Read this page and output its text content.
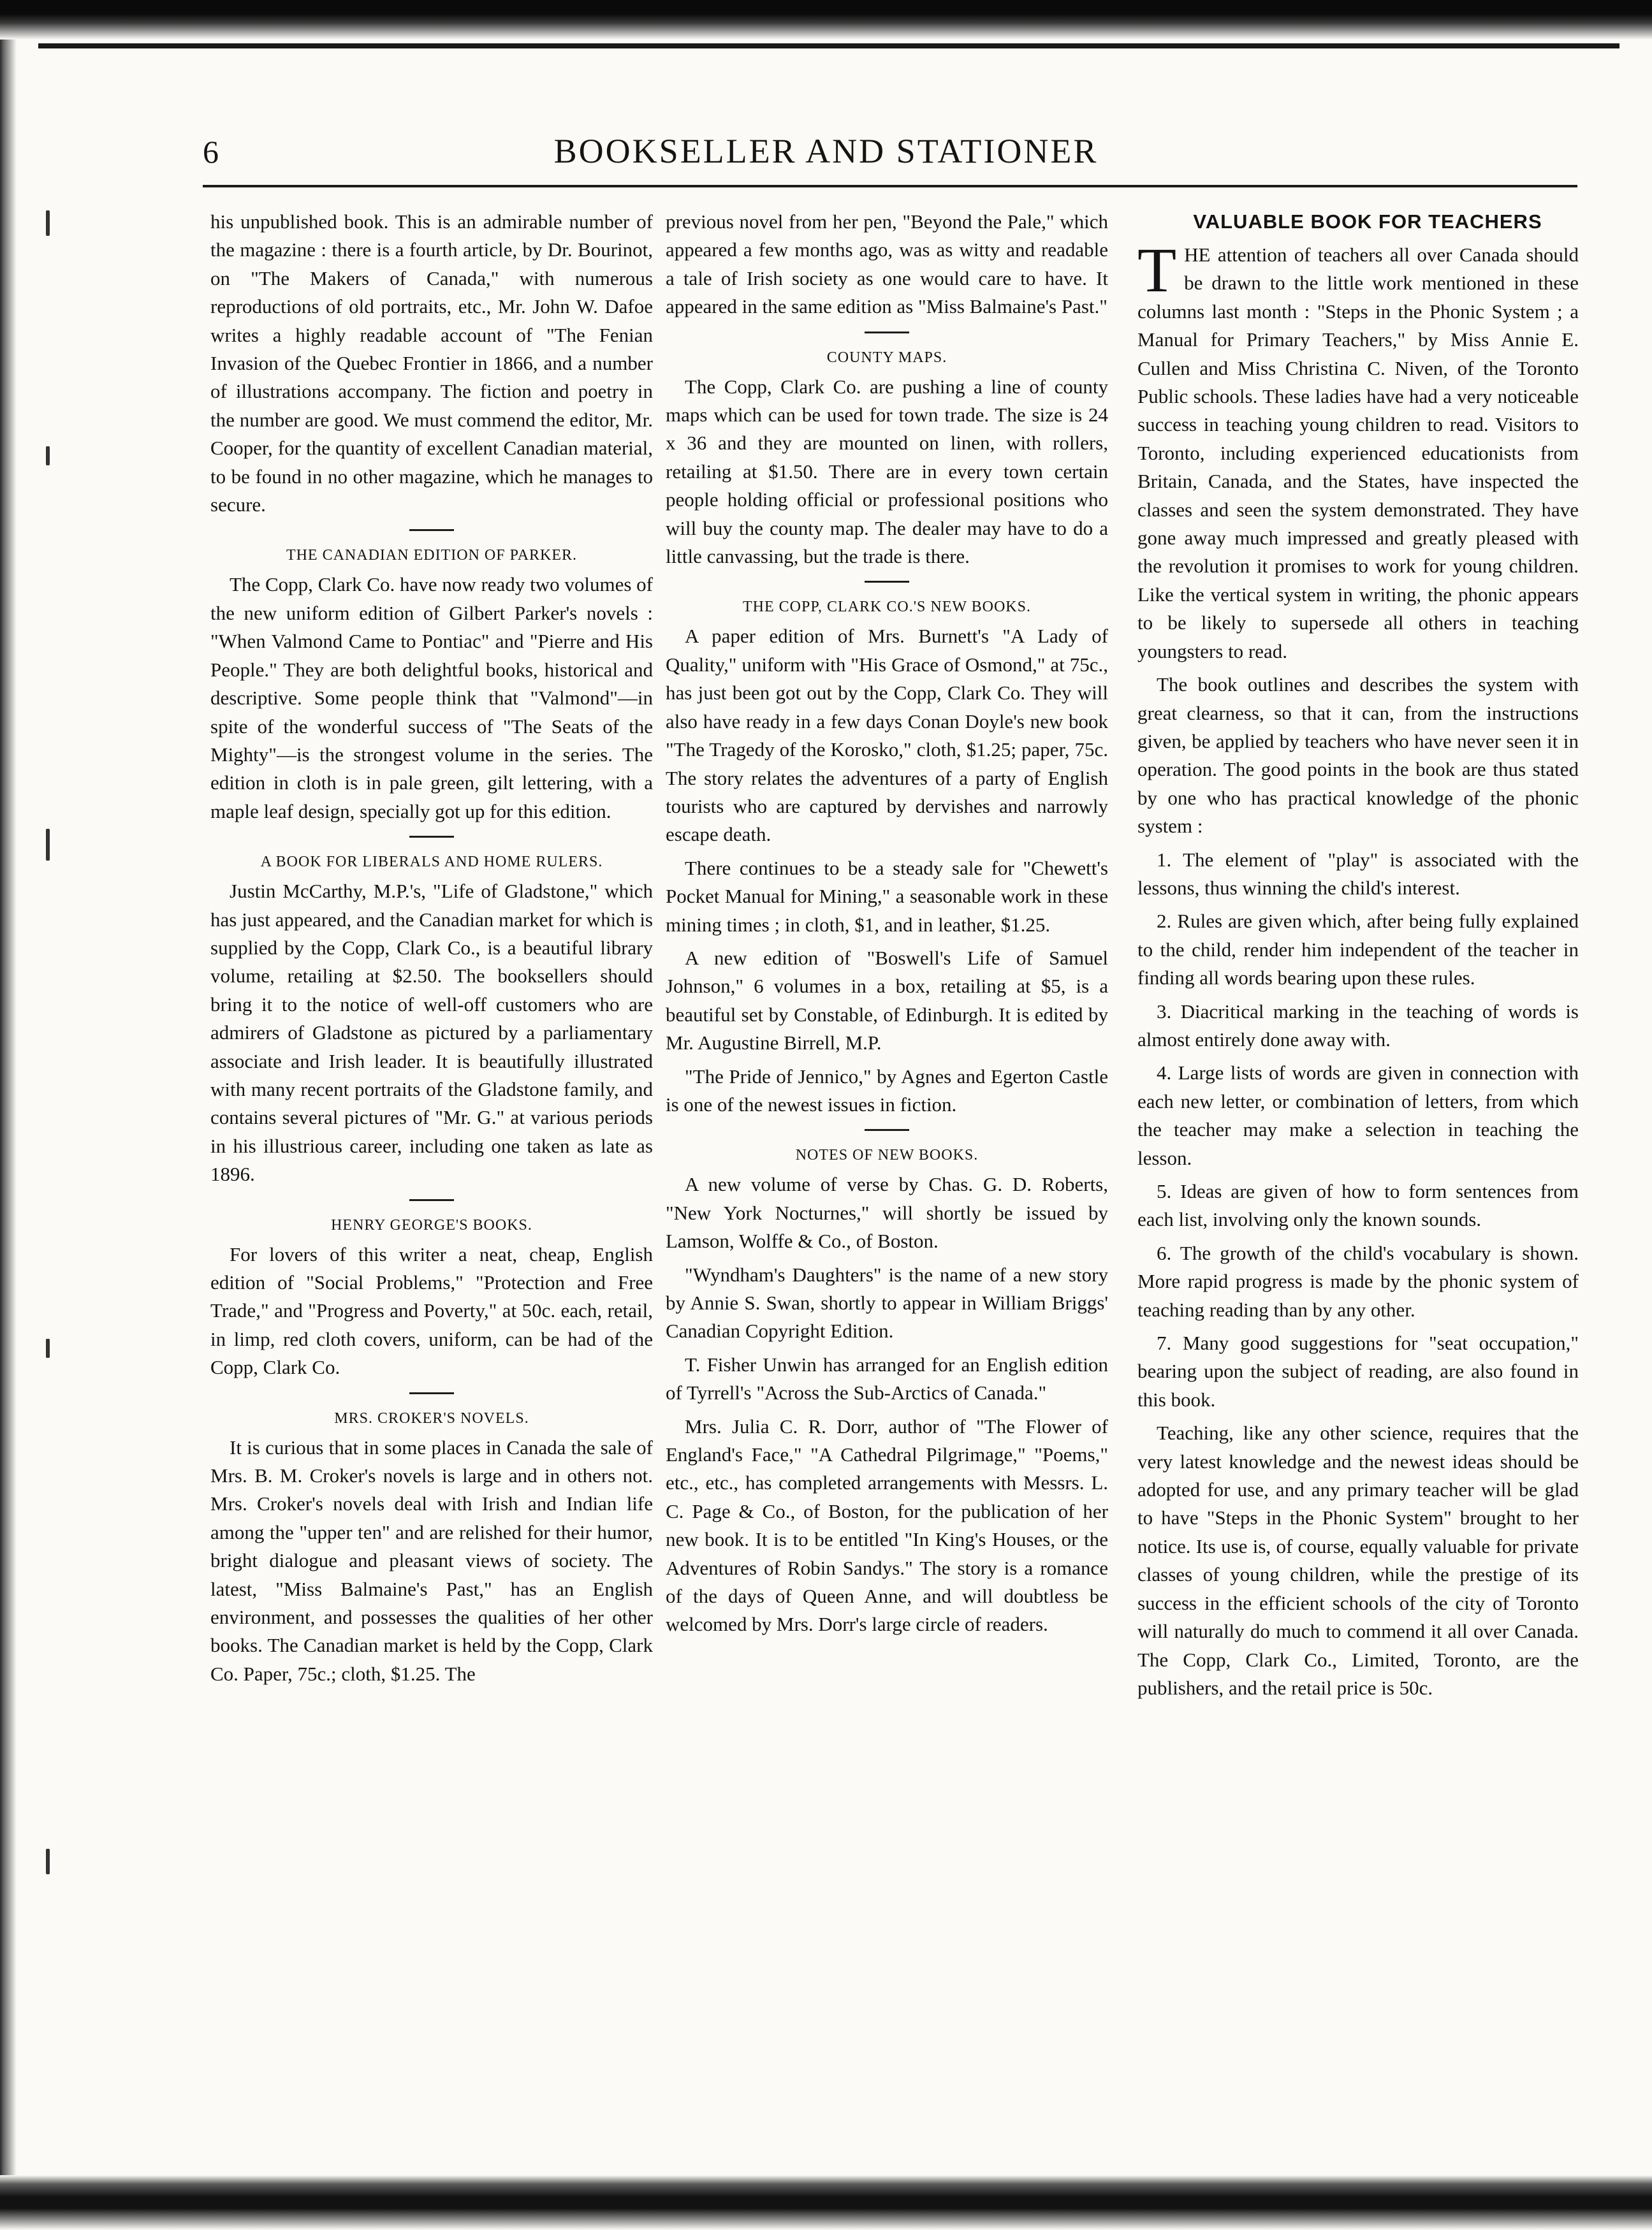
6	BOOKSELLER AND STATIONER

his unpublished book. This is an admirable number of the magazine : there is a fourth article, by Dr. Bourinot, on "The Makers of Canada," with numerous reproductions of old portraits, etc., Mr. John W. Dafoe writes a highly readable account of "The Fenian Invasion of the Quebec Frontier in 1866, and a number of illustrations accompany. The fiction and poetry in the number are good. We must commend the editor, Mr. Cooper, for the quantity of excellent Canadian material, to be found in no other magazine, which he manages to secure.

THE CANADIAN EDITION OF PARKER.

The Copp, Clark Co. have now ready two volumes of the new uniform edition of Gilbert Parker's novels : "When Valmond Came to Pontiac" and "Pierre and His People." They are both delightful books, historical and descriptive. Some people think that "Valmond"—in spite of the wonderful success of "The Seats of the Mighty"—is the strongest volume in the series. The edition in cloth is in pale green, gilt lettering, with a maple leaf design, specially got up for this edition.

A BOOK FOR LIBERALS AND HOME RULERS.

Justin McCarthy, M.P.'s, "Life of Gladstone," which has just appeared, and the Canadian market for which is supplied by the Copp, Clark Co., is a beautiful library volume, retailing at $2.50. The booksellers should bring it to the notice of well-off customers who are admirers of Gladstone as pictured by a parliamentary associate and Irish leader. It is beautifully illustrated with many recent portraits of the Gladstone family, and contains several pictures of "Mr. G." at various periods in his illustrious career, including one taken as late as 1896.

HENRY GEORGE'S BOOKS.

For lovers of this writer a neat, cheap, English edition of "Social Problems," "Protection and Free Trade," and "Progress and Poverty," at 50c. each, retail, in limp, red cloth covers, uniform, can be had of the Copp, Clark Co.

MRS. CROKER'S NOVELS.

It is curious that in some places in Canada the sale of Mrs. B. M. Croker's novels is large and in others not. Mrs. Croker's novels deal with Irish and Indian life among the "upper ten" and are relished for their humor, bright dialogue and pleasant views of society. The latest, "Miss Balmaine's Past," has an English environment, and possesses the qualities of her other books. The Canadian market is held by the Copp, Clark Co. Paper, 75c.; cloth, $1.25. The

previous novel from her pen, "Beyond the Pale," which appeared a few months ago, was as witty and readable a tale of Irish society as one would care to have. It appeared in the same edition as "Miss Balmaine's Past."

COUNTY MAPS.

The Copp, Clark Co. are pushing a line of county maps which can be used for town trade. The size is 24 x 36 and they are mounted on linen, with rollers, retailing at $1.50. There are in every town certain people holding official or professional positions who will buy the county map. The dealer may have to do a little canvassing, but the trade is there.

THE COPP, CLARK CO.'S NEW BOOKS.

A paper edition of Mrs. Burnett's "A Lady of Quality," uniform with "His Grace of Osmond," at 75c., has just been got out by the Copp, Clark Co. They will also have ready in a few days Conan Doyle's new book "The Tragedy of the Korosko," cloth, $1.25; paper, 75c. The story relates the adventures of a party of English tourists who are captured by dervishes and narrowly escape death.

There continues to be a steady sale for "Chewett's Pocket Manual for Mining," a seasonable work in these mining times ; in cloth, $1, and in leather, $1.25.

A new edition of "Boswell's Life of Samuel Johnson," 6 volumes in a box, retailing at $5, is a beautiful set by Constable, of Edinburgh. It is edited by Mr. Augustine Birrell, M.P.

"The Pride of Jennico," by Agnes and Egerton Castle is one of the newest issues in fiction.

NOTES OF NEW BOOKS.

A new volume of verse by Chas. G. D. Roberts, "New York Nocturnes," will shortly be issued by Lamson, Wolffe & Co., of Boston.

"Wyndham's Daughters" is the name of a new story by Annie S. Swan, shortly to appear in William Briggs' Canadian Copyright Edition.

T. Fisher Unwin has arranged for an English edition of Tyrrell's "Across the Sub-Arctics of Canada."

Mrs. Julia C. R. Dorr, author of "The Flower of England's Face," "A Cathedral Pilgrimage," "Poems," etc., etc., has completed arrangements with Messrs. L. C. Page & Co., of Boston, for the publication of her new book. It is to be entitled "In King's Houses, or the Adventures of Robin Sandys." The story is a romance of the days of Queen Anne, and will doubtless be welcomed by Mrs. Dorr's large circle of readers.

VALUABLE BOOK FOR TEACHERS

THE attention of teachers all over Canada should be drawn to the little work mentioned in these columns last month : "Steps in the Phonic System ; a Manual for Primary Teachers," by Miss Annie E. Cullen and Miss Christina C. Niven, of the Toronto Public schools. These ladies have had a very noticeable success in teaching young children to read. Visitors to Toronto, including experienced educationists from Britain, Canada, and the States, have inspected the classes and seen the system demonstrated. They have gone away much impressed and greatly pleased with the revolution it promises to work for young children. Like the vertical system in writing, the phonic appears to be likely to supersede all others in teaching youngsters to read.

The book outlines and describes the system with great clearness, so that it can, from the instructions given, be applied by teachers who have never seen it in operation. The good points in the book are thus stated by one who has practical knowledge of the phonic system :

1. The element of "play" is associated with the lessons, thus winning the child's interest.

2. Rules are given which, after being fully explained to the child, render him independent of the teacher in finding all words bearing upon these rules.

3. Diacritical marking in the teaching of words is almost entirely done away with.

4. Large lists of words are given in connection with each new letter, or combination of letters, from which the teacher may make a selection in teaching the lesson.

5. Ideas are given of how to form sentences from each list, involving only the known sounds.

6. The growth of the child's vocabulary is shown. More rapid progress is made by the phonic system of teaching reading than by any other.

7. Many good suggestions for "seat occupation," bearing upon the subject of reading, are also found in this book.

Teaching, like any other science, requires that the very latest knowledge and the newest ideas should be adopted for use, and any primary teacher will be glad to have "Steps in the Phonic System" brought to her notice. Its use is, of course, equally valuable for private classes of young children, while the prestige of its success in the efficient schools of the city of Toronto will naturally do much to commend it all over Canada. The Copp, Clark Co., Limited, Toronto, are the publishers, and the retail price is 50c.
